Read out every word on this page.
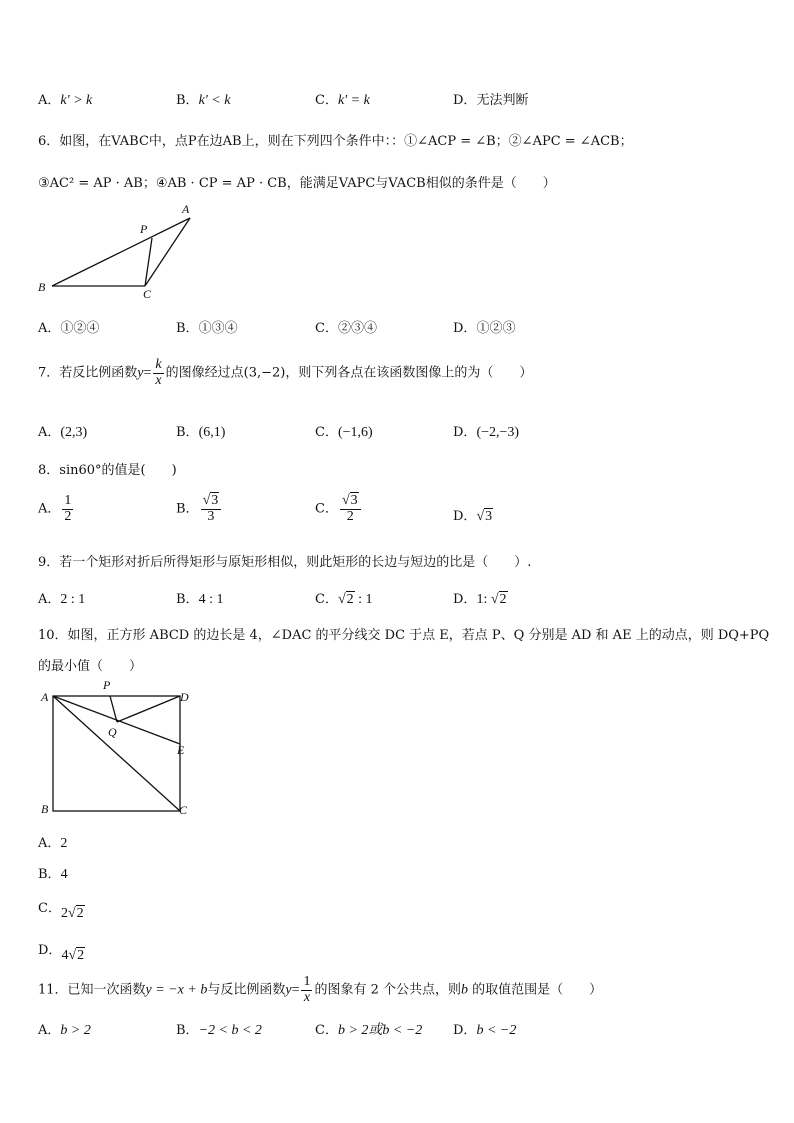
A．k' > k	B．k' < k	C．k' = k	D．无法判断
6．如图，在VABC中，点P在边AB上，则在下列四个条件中：：①∠ACP = ∠B；②∠APC = ∠ACB；
③AC² = AP · AB；④AB · CP = AP · CB，能满足VAPC与VACB相似的条件是（　　）
A
P
B	C
A．①②④	B．①③④	C．②③④	D．①②③
7．若反比例函数$y= \frac{k}{x}$ 的图像经过点(3,−2)，则下列各点在该函数图像上的为（　　）
A．(2,3)	B．(6,1)	C．(−1,6)	D．(−2,−3)
8．sin60°的值是(　　)
A． $\frac{1}{2}$	B． $\frac{√3}{3}$	C． $\frac{√3}{2}$	D．√3
9．若一个矩形对折后所得矩形与原矩形相似，则此矩形的长边与短边的比是（　　）.
A．2 : 1	B．4 : 1	C．√2 : 1	D．1: √2
10．如图，正方形 ABCD 的边长是 4，∠DAC 的平分线交 DC 于点 E，若点 P、Q 分别是 AD 和 AE 上的动点，则 DQ+PQ
的最小值（　　）
A
P
D
Q
E
B	C
A．2
B．4
C．2√2
D．4√2
11．已知一次函数y = −x + b与反比例函数$y= \frac{1}{x}$ 的图象有 2 个公共点，则b 的取值范围是（　　）
A．b > 2	B．−2 < b < 2	C．b > 2或b < −2 D．b < −2
